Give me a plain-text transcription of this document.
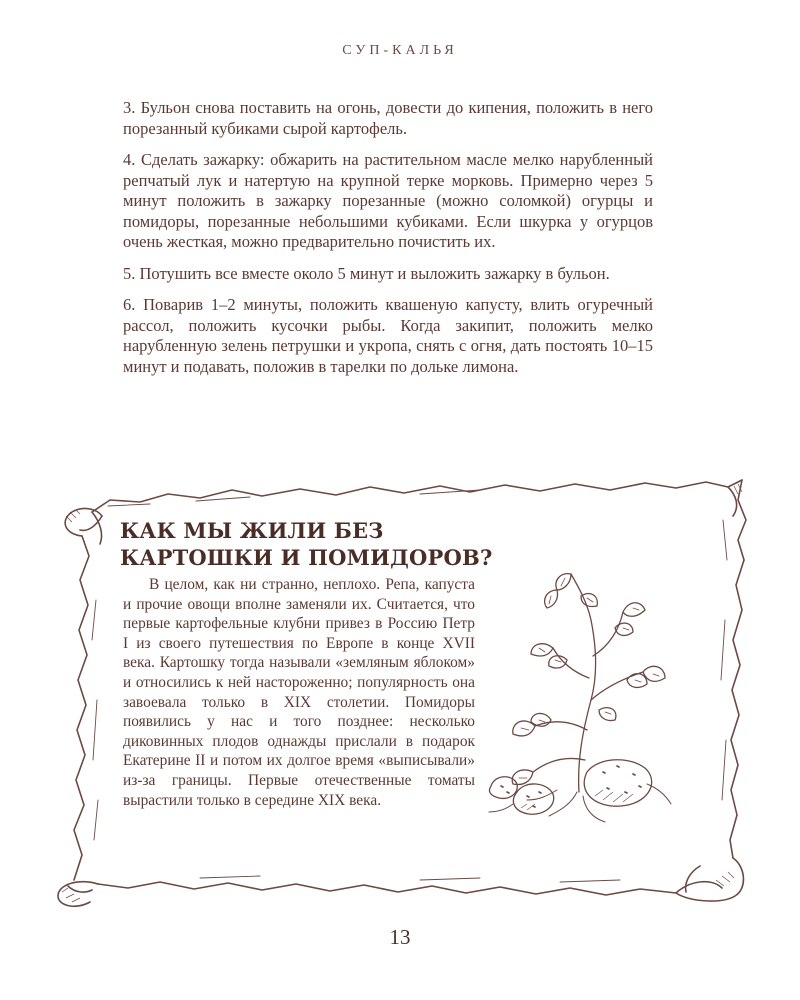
СУП-КАЛЬЯ

3. Бульон снова поставить на огонь, довести до кипения, положить в него порезанный кубиками сырой картофель.

4. Сделать зажарку: обжарить на растительном масле мелко нарубленный репчатый лук и натертую на крупной терке морковь. Примерно через 5 минут положить в зажарку порезанные (можно соломкой) огурцы и помидоры, порезанные небольшими кубиками. Если шкурка у огурцов очень жесткая, можно предварительно почистить их.

5. Потушить все вместе около 5 минут и выложить зажарку в бульон.

6. Поварив 1–2 минуты, положить квашеную капусту, влить огуречный рассол, положить кусочки рыбы. Когда закипит, положить мелко нарубленную зелень петрушки и укропа, снять с огня, дать постоять 10–15 минут и подавать, положив в тарелки по дольке лимона.

КАК МЫ ЖИЛИ БЕЗ КАРТОШКИ И ПОМИДОРОВ?

В целом, как ни странно, неплохо. Репа, капуста и прочие овощи вполне заменяли их. Считается, что первые картофельные клубни привез в Россию Петр I из своего путешествия по Европе в конце XVII века. Картошку тогда называли «земляным яблоком» и относились к ней настороженно; популярность она завоевала только в XIX столетии. Помидоры появились у нас и того позднее: несколько диковинных плодов однажды прислали в подарок Екатерине II и потом их долгое время «выписывали» из-за границы. Первые отечественные томаты вырастили только в середине XIX века.

13
